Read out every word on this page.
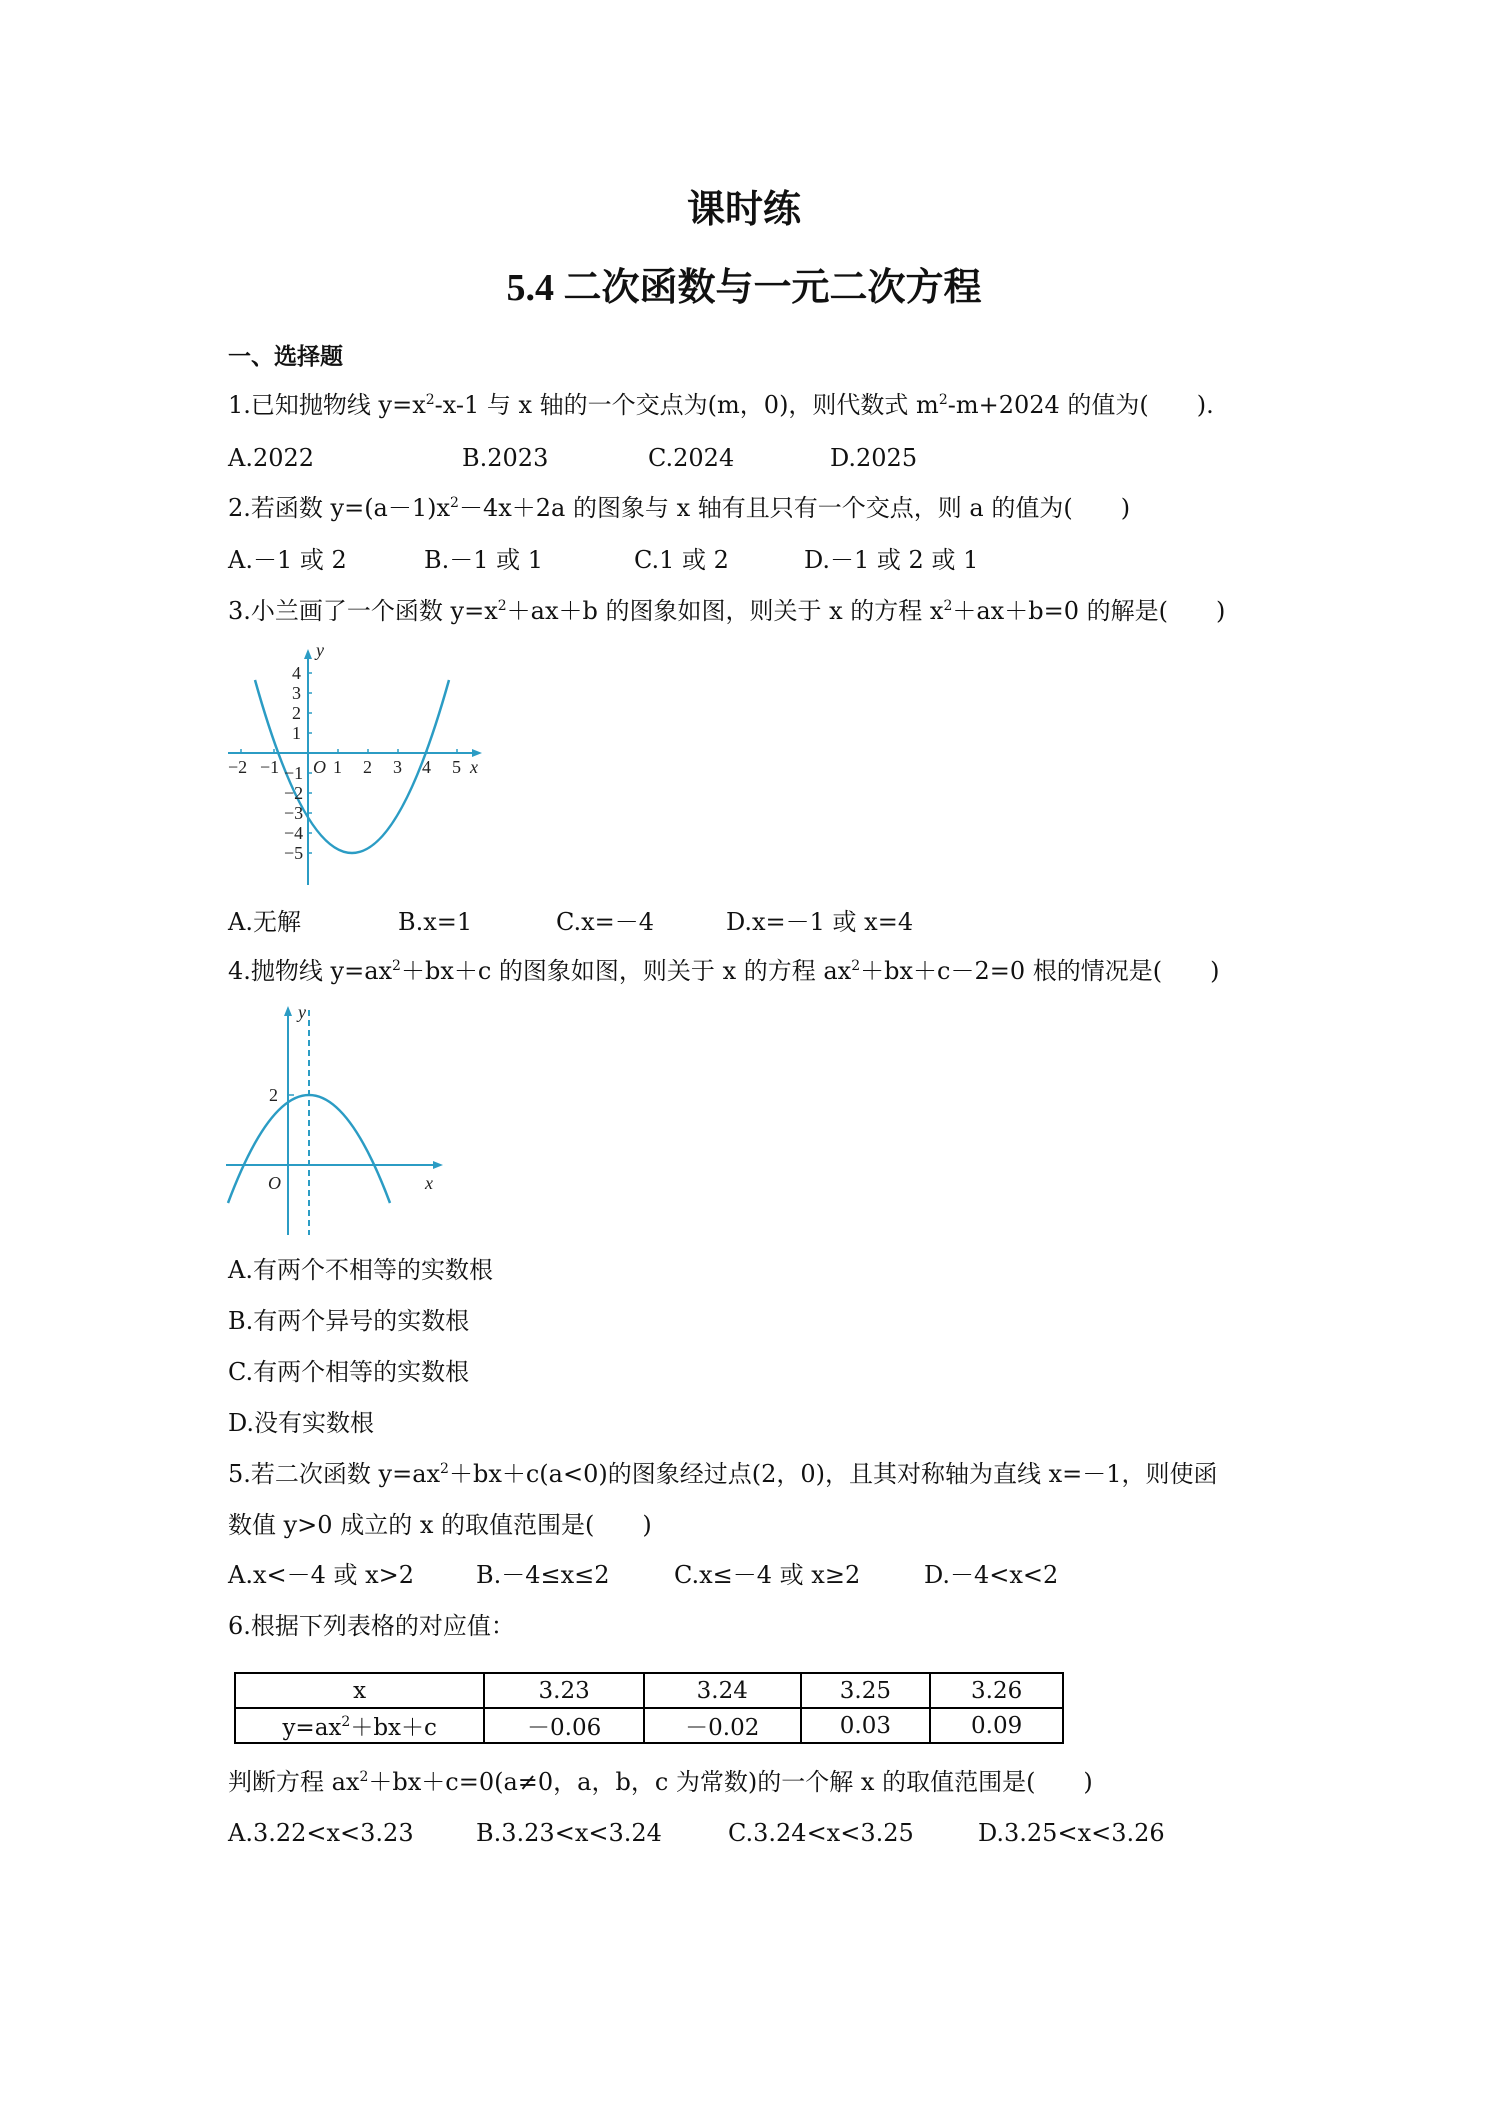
课时练
5.4 二次函数与一元二次方程
一、选择题
1.已知抛物线 $y=x^2-x-1$ 与 x 轴的一个交点为(m，0)，则代数式 $m^2-m+2024$ 的值为(　　).
A.2022	B.2023	C.2024	D.2025
2.若函数 $y=(a-1)x^2-4x+2a$ 的图象与 x 轴有且只有一个交点，则 a 的值为(　　)
A.－1 或 2	B.－1 或 1	C.1 或 2	D.－1 或 2 或 1
3.小兰画了一个函数 $y=x^2+ax+b$ 的图象如图，则关于 x 的方程 $x^2+ax+b=0$ 的解是(　　)
−2 −1 O 1 2 3 4 5 x
y
4
3
2
1
−1
−2
−3
−4
−5
A.无解	B.x=1	C.x=－4	D.x=－1 或 x=4
4.抛物线 $y=ax^2+bx+c$ 的图象如图，则关于 x 的方程 $ax^2+bx+c-2=0$ 根的情况是(　　)
2
O	x
y
A.有两个不相等的实数根
B.有两个异号的实数根
C.有两个相等的实数根
D.没有实数根
5.若二次函数 $y=ax^2+bx+c(a<0)$的图象经过点(2，0)，且其对称轴为直线 x=－1，则使函
数值 y>0 成立的 x 的取值范围是(　　)
A.x<－4 或 x>2	B.－4≤x≤2	C.x≤－4 或 x≥2	D.－4<x<2
6.根据下列表格的对应值：
x	3.23	3.24	3.25	3.26
$y=ax^2+bx+c$	－0.06	－0.02	0.03	0.09
判断方程 $ax^2+bx+c=0(a\ne 0$，a，b，c 为常数)的一个解 x 的取值范围是(　　)
A.3.22<x<3.23	B.3.23<x<3.24	C.3.24<x<3.25	D.3.25<x<3.26
